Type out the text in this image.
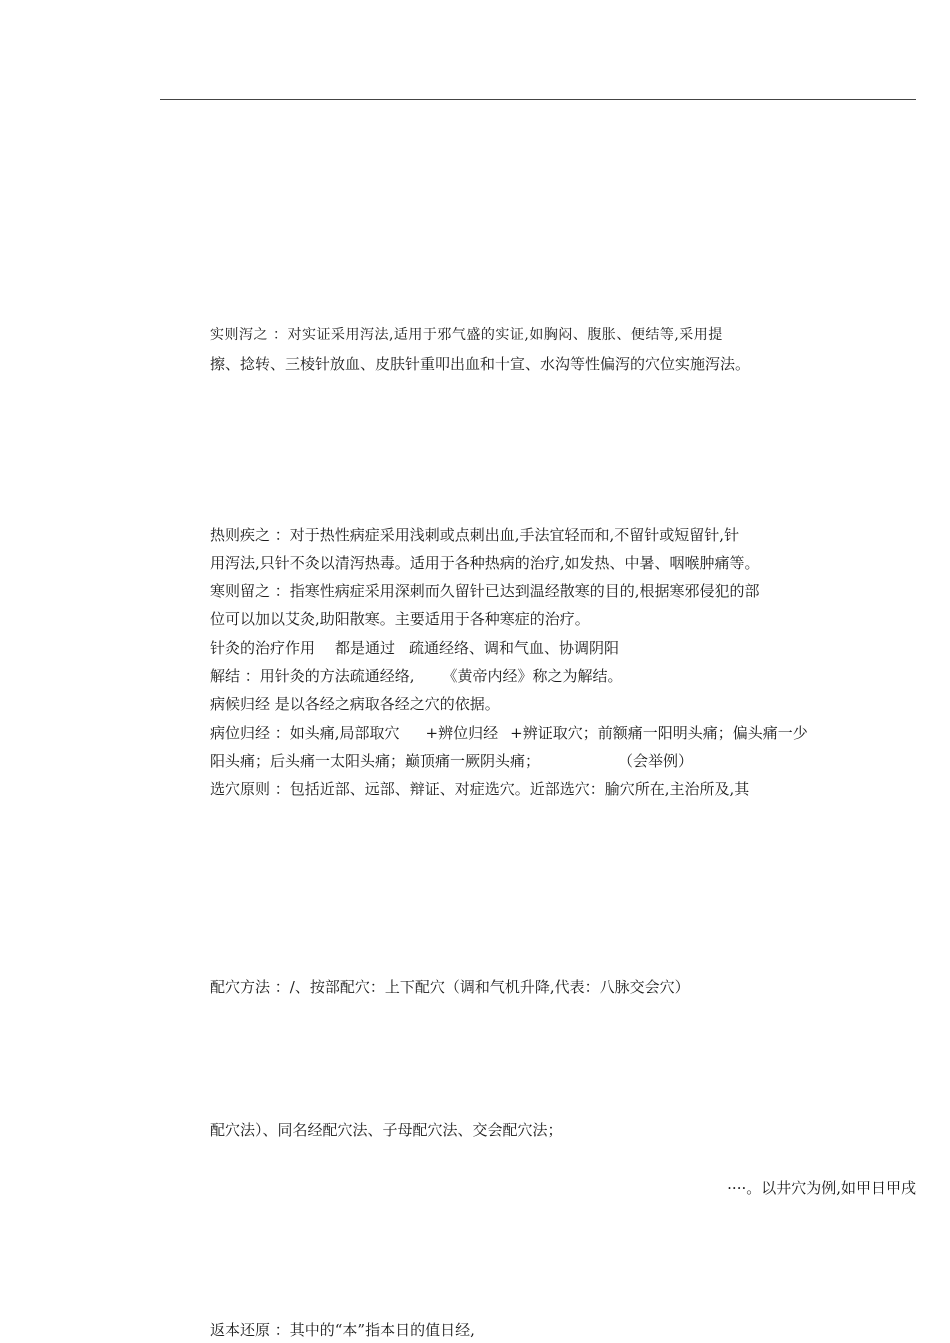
实则泻之 ：对实证采用泻法,适用于邪气盛的实证,如胸闷、腹胀、便结等,采用提
擦、捻转、三棱针放血、皮肤针重叩出血和十宣、水沟等性偏泻的穴位实施泻法。
热则疾之 ：对于热性病症采用浅刺或点刺出血,手法宜轻而和,不留针或短留针,针
用泻法,只针不灸以清泻热毒。适用于各种热病的治疗,如发热、中暑、咽喉肿痛等。
寒则留之 ：指寒性病症采用深刺而久留针已达到温经散寒的目的,根据寒邪侵犯的部
位可以加以艾灸,助阳散寒。主要适用于各种寒症的治疗。
针灸的治疗作用 都是通过 疏通经络、调和气血、协调阴阳
解结 ：用针灸的方法疏通经络, 《黄帝内经》称之为解结。
病候归经 是以各经之病取各经之穴的依据。
病位归经 ：如头痛,局部取穴 +辨位归经 +辨证取穴；前额痛一阳明头痛；偏头痛一少
阳头痛；后头痛一太阳头痛；巅顶痛一厥阴头痛；	（会举例）
选穴原则 ：包括近部、远部、辩证、对症选穴。近部选穴：腧穴所在,主治所及,其
配穴方法 ：/、按部配穴：上下配穴（调和气机升降,代表：八脉交会穴）
配穴法）、同名经配穴法、子母配穴法、交会配穴法；
····。以井穴为例,如甲日甲戌
返本还原 ：其中的“本”指本日的值日经,
